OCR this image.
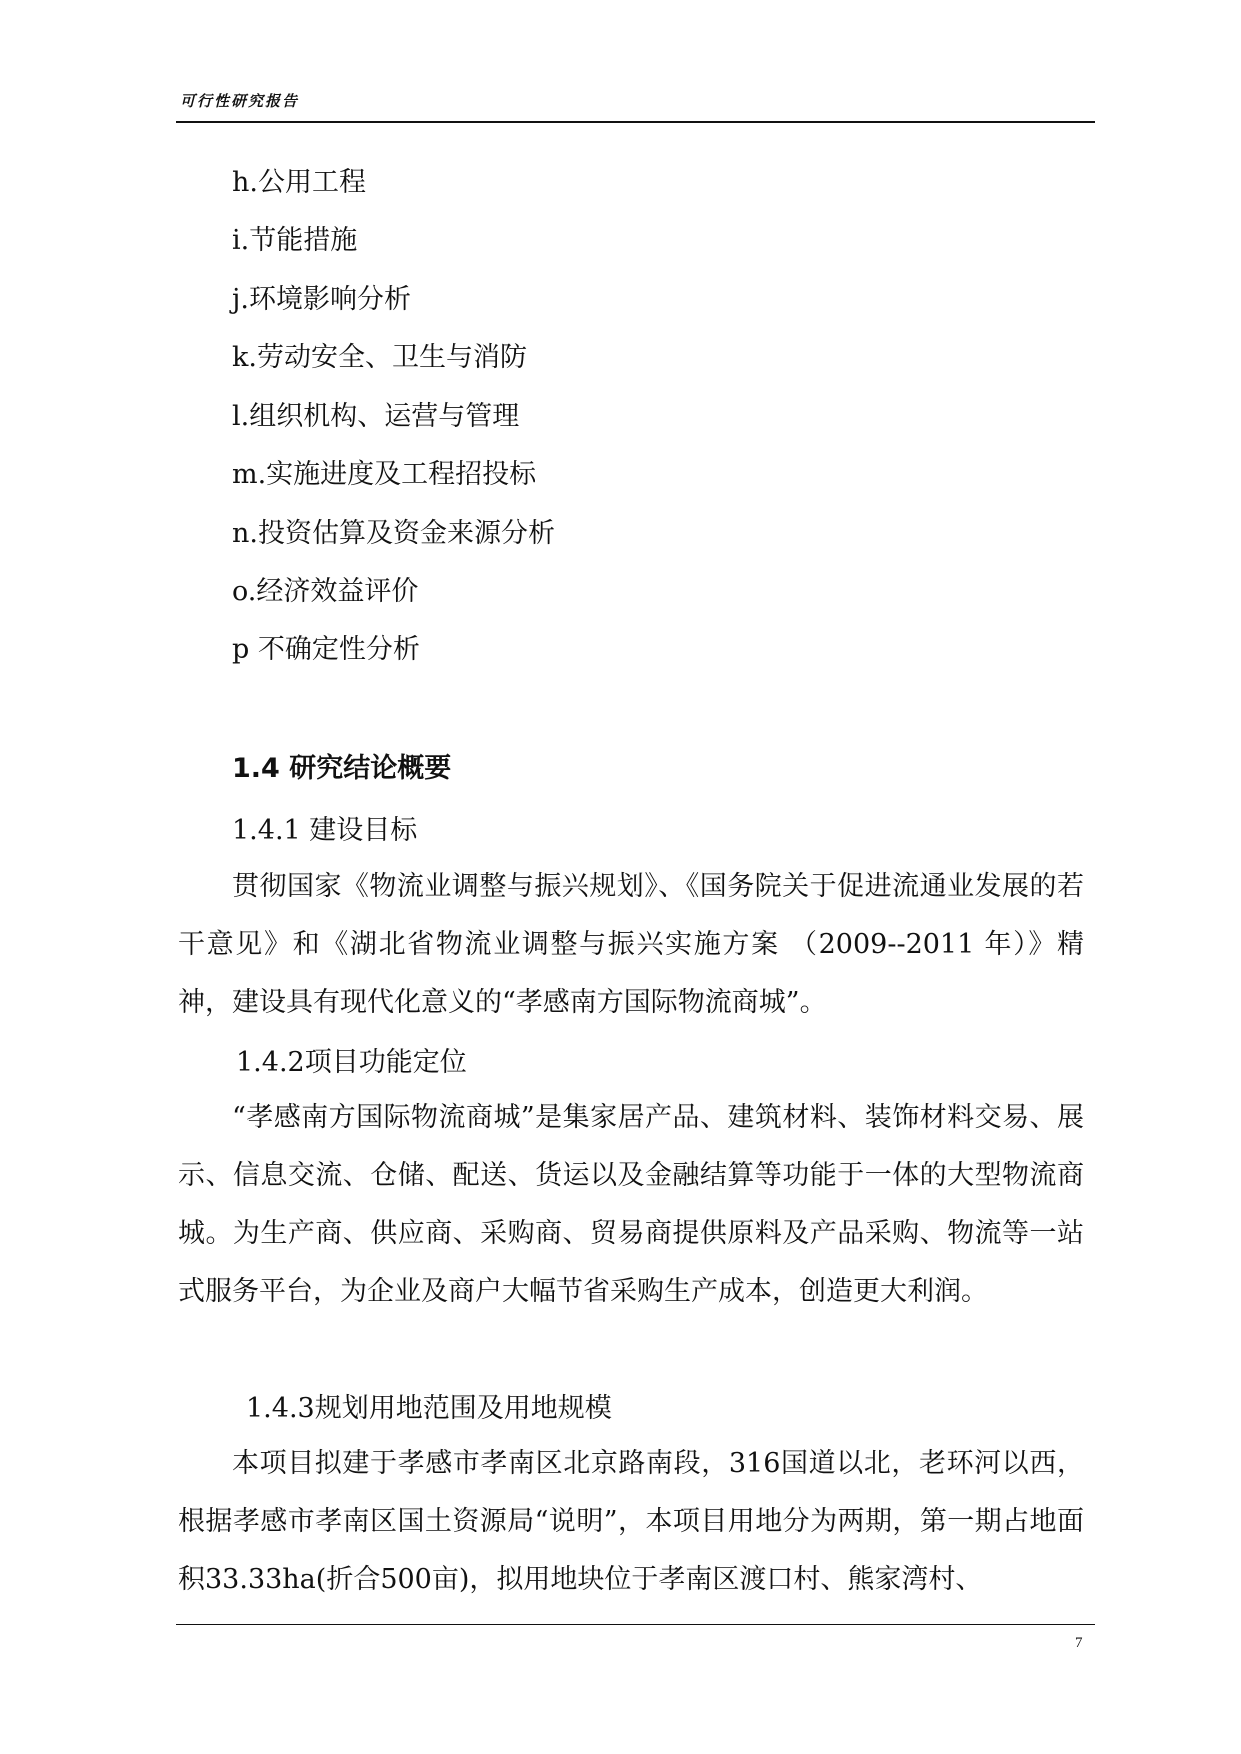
可行性研究报告
h.公用工程
i.节能措施
j.环境影响分析
k.劳动安全、卫生与消防
l.组织机构、运营与管理
m.实施进度及工程招投标
n.投资估算及资金来源分析
o.经济效益评价
p 不确定性分析
1.4 研究结论概要
1.4.1 建设目标
贯彻国家《物流业调整与振兴规划》、《国务院关于促进流通业发展的若干意见》和《湖北省物流业调整与振兴实施方案 （2009--2011 年）》精神，建设具有现代化意义的“孝感南方国际物流商城”。
1.4.2项目功能定位
“孝感南方国际物流商城”是集家居产品、建筑材料、装饰材料交易、展示、信息交流、仓储、配送、货运以及金融结算等功能于一体的大型物流商城。为生产商、供应商、采购商、贸易商提供原料及产品采购、物流等一站式服务平台，为企业及商户大幅节省采购生产成本，创造更大利润。
1.4.3规划用地范围及用地规模
本项目拟建于孝感市孝南区北京路南段，316国道以北，老环河以西，根据孝感市孝南区国土资源局“说明”，本项目用地分为两期，第一期占地面积33.33ha(折合500亩)，拟用地块位于孝南区渡口村、熊家湾村、
7
